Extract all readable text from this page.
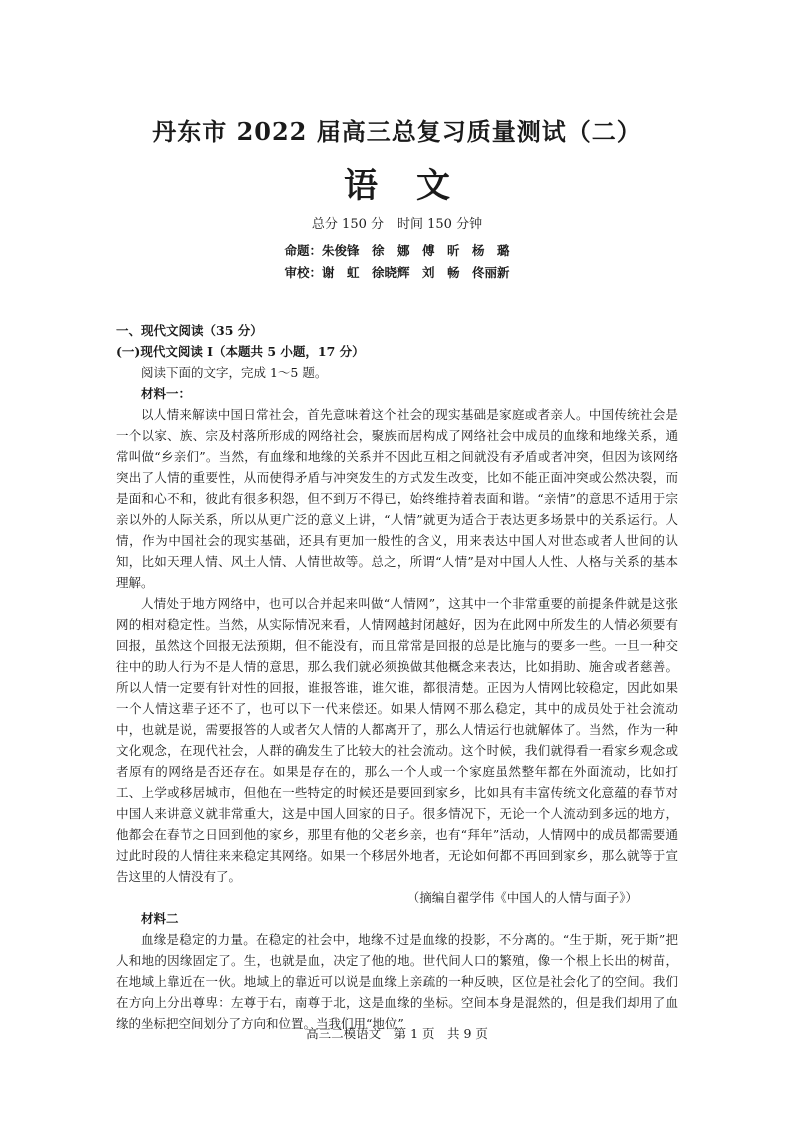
丹东市 2022 届高三总复习质量测试（二）
语文
总分 150 分　时间 150 分钟
命题：朱俊锋　徐　娜　傅　昕　杨　璐
审校：谢　虹　徐晓辉　刘　畅　佟丽新

一、现代文阅读（35 分）

(一)现代文阅读 I（本题共 5 小题，17 分）

阅读下面的文字，完成 1～5 题。

材料一：

以人情来解读中国日常社会，首先意味着这个社会的现实基础是家庭或者亲人。中国传统社会是一个以家、族、宗及村落所形成的网络社会，聚族而居构成了网络社会中成员的血缘和地缘关系，通常叫做“乡亲们”。当然，有血缘和地缘的关系并不因此互相之间就没有矛盾或者冲突，但因为该网络突出了人情的重要性，从而使得矛盾与冲突发生的方式发生改变，比如不能正面冲突或公然决裂，而是面和心不和，彼此有很多积怨，但不到万不得已，始终维持着表面和谐。“亲情”的意思不适用于宗亲以外的人际关系，所以从更广泛的意义上讲，“人情”就更为适合于表达更多场景中的关系运行。人情，作为中国社会的现实基础，还具有更加一般性的含义，用来表达中国人对世态或者人世间的认知，比如天理人情、风土人情、人情世故等。总之，所谓“人情”是对中国人人性、人格与关系的基本理解。

人情处于地方网络中，也可以合并起来叫做“人情网”，这其中一个非常重要的前提条件就是这张网的相对稳定性。当然，从实际情况来看，人情网越封闭越好，因为在此网中所发生的人情必须要有回报，虽然这个回报无法预期，但不能没有，而且常常是回报的总是比施与的要多一些。一旦一种交往中的助人行为不是人情的意思，那么我们就必须换做其他概念来表达，比如捐助、施舍或者慈善。所以人情一定要有针对性的回报，谁报答谁，谁欠谁，都很清楚。正因为人情网比较稳定，因此如果一个人情这辈子还不了，也可以下一代来偿还。如果人情网不那么稳定，其中的成员处于社会流动中，也就是说，需要报答的人或者欠人情的人都离开了，那么人情运行也就解体了。当然，作为一种文化观念，在现代社会，人群的确发生了比较大的社会流动。这个时候，我们就得看一看家乡观念或者原有的网络是否还存在。如果是存在的，那么一个人或一个家庭虽然整年都在外面流动，比如打工、上学或移居城市，但他在一些特定的时候还是要回到家乡，比如具有丰富传统文化意蕴的春节对中国人来讲意义就非常重大，这是中国人回家的日子。很多情况下，无论一个人流动到多远的地方，他都会在春节之日回到他的家乡，那里有他的父老乡亲，也有“拜年”活动，人情网中的成员都需要通过此时段的人情往来来稳定其网络。如果一个移居外地者，无论如何都不再回到家乡，那么就等于宣告这里的人情没有了。

（摘编自翟学伟《中国人的人情与面子》）

材料二

血缘是稳定的力量。在稳定的社会中，地缘不过是血缘的投影，不分离的。“生于斯，死于斯”把人和地的因缘固定了。生，也就是血，决定了他的地。世代间人口的繁殖，像一个根上长出的树苗，在地域上靠近在一伙。地域上的靠近可以说是血缘上亲疏的一种反映，区位是社会化了的空间。我们在方向上分出尊卑：左尊于右，南尊于北，这是血缘的坐标。空间本身是混然的，但是我们却用了血缘的坐标把空间划分了方向和位置。当我们用“地位”

高三二模语文　第 1 页　共 9 页
